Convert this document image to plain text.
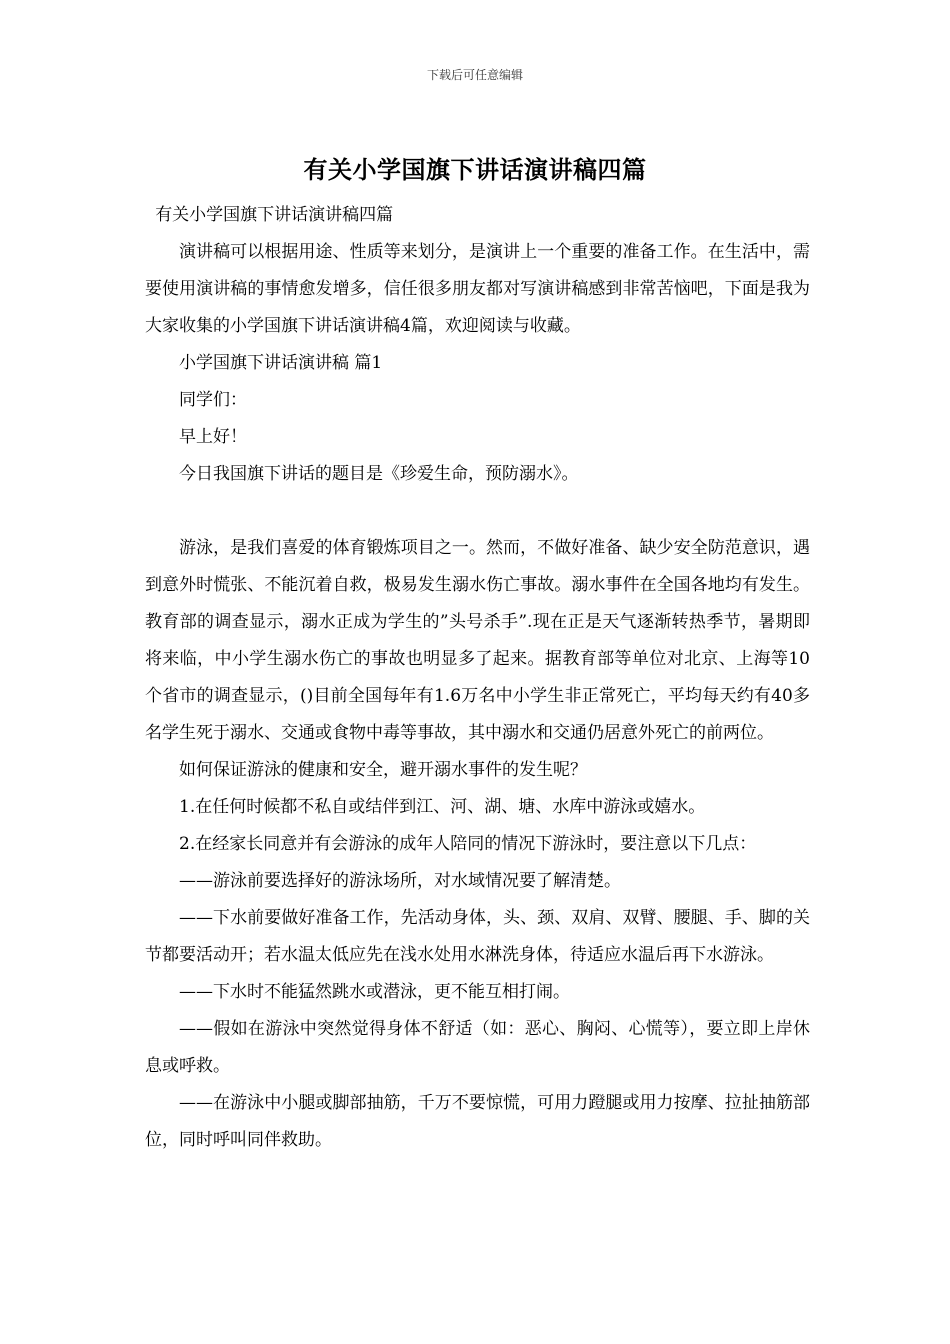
下载后可任意编辑
有关小学国旗下讲话演讲稿四篇

有关小学国旗下讲话演讲稿四篇

演讲稿可以根据用途、性质等来划分，是演讲上一个重要的准备工作。在生活中，需要使用演讲稿的事情愈发增多，信任很多朋友都对写演讲稿感到非常苦恼吧，下面是我为大家收集的小学国旗下讲话演讲稿4篇，欢迎阅读与收藏。

小学国旗下讲话演讲稿 篇1

同学们：

早上好！

今日我国旗下讲话的题目是《珍爱生命，预防溺水》。

游泳，是我们喜爱的体育锻炼项目之一。然而，不做好准备、缺少安全防范意识，遇到意外时慌张、不能沉着自救，极易发生溺水伤亡事故。溺水事件在全国各地均有发生。教育部的调查显示，溺水正成为学生的”头号杀手”.现在正是天气逐渐转热季节，暑期即将来临，中小学生溺水伤亡的事故也明显多了起来。据教育部等单位对北京、上海等10个省市的调查显示，()目前全国每年有1.6万名中小学生非正常死亡，平均每天约有40多名学生死于溺水、交通或食物中毒等事故，其中溺水和交通仍居意外死亡的前两位。

如何保证游泳的健康和安全，避开溺水事件的发生呢？

1.在任何时候都不私自或结伴到江、河、湖、塘、水库中游泳或嬉水。

2.在经家长同意并有会游泳的成年人陪同的情况下游泳时，要注意以下几点：

——游泳前要选择好的游泳场所，对水域情况要了解清楚。

——下水前要做好准备工作，先活动身体，头、颈、双肩、双臂、腰腿、手、脚的关节都要活动开；若水温太低应先在浅水处用水淋洗身体，待适应水温后再下水游泳。

——下水时不能猛然跳水或潜泳，更不能互相打闹。

——假如在游泳中突然觉得身体不舒适（如：恶心、胸闷、心慌等），要立即上岸休息或呼救。

——在游泳中小腿或脚部抽筋，千万不要惊慌，可用力蹬腿或用力按摩、拉扯抽筋部位，同时呼叫同伴救助。
